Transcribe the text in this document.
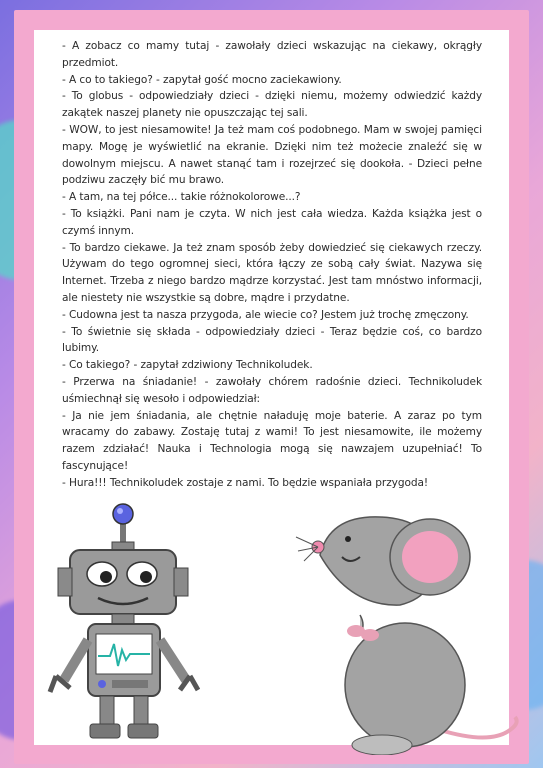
- A zobacz co mamy tutaj - zawołały dzieci wskazując na ciekawy, okrągły przedmiot.

- A co to takiego? - zapytał gość mocno zaciekawiony.

- To globus - odpowiedziały dzieci - dzięki niemu, możemy odwiedzić każdy zakątek naszej planety nie opuszczając tej sali.

- WOW, to jest niesamowite! Ja też mam coś podobnego. Mam w swojej pamięci mapy. Mogę je wyświetlić na ekranie. Dzięki nim też możecie znaleźć się w dowolnym miejscu. A nawet stanąć tam i rozejrzeć się dookoła. - Dzieci pełne podziwu zaczęły bić mu brawo.

- A tam, na tej półce... takie różnokolorowe...?

- To książki. Pani nam je czyta. W nich jest cała wiedza. Każda książka jest o czymś innym.

- To bardzo ciekawe. Ja też znam sposób żeby dowiedzieć się ciekawych rzeczy. Używam do tego ogromnej sieci, która łączy ze sobą cały świat. Nazywa się Internet. Trzeba z niego bardzo mądrze korzystać. Jest tam mnóstwo informacji, ale niestety nie wszystkie są dobre, mądre i przydatne.

- Cudowna jest ta nasza przygoda, ale wiecie co? Jestem już trochę zmęczony.

- To świetnie się składa - odpowiedziały dzieci - Teraz będzie coś, co bardzo lubimy.

- Co takiego? - zapytał zdziwiony Technikoludek.

- Przerwa na śniadanie! - zawołały chórem radośnie dzieci. Technikoludek uśmiechnął się wesoło i odpowiedział:

- Ja nie jem śniadania, ale chętnie naładuję moje baterie. A zaraz po tym wracamy do zabawy. Zostaję tutaj z wami! To jest niesamowite, ile możemy razem zdziałać! Nauka i Technologia mogą się nawzajem uzupełniać! To fascynujące!

- Hura!!! Technikoludek zostaje z nami. To będzie wspaniała przygoda!
